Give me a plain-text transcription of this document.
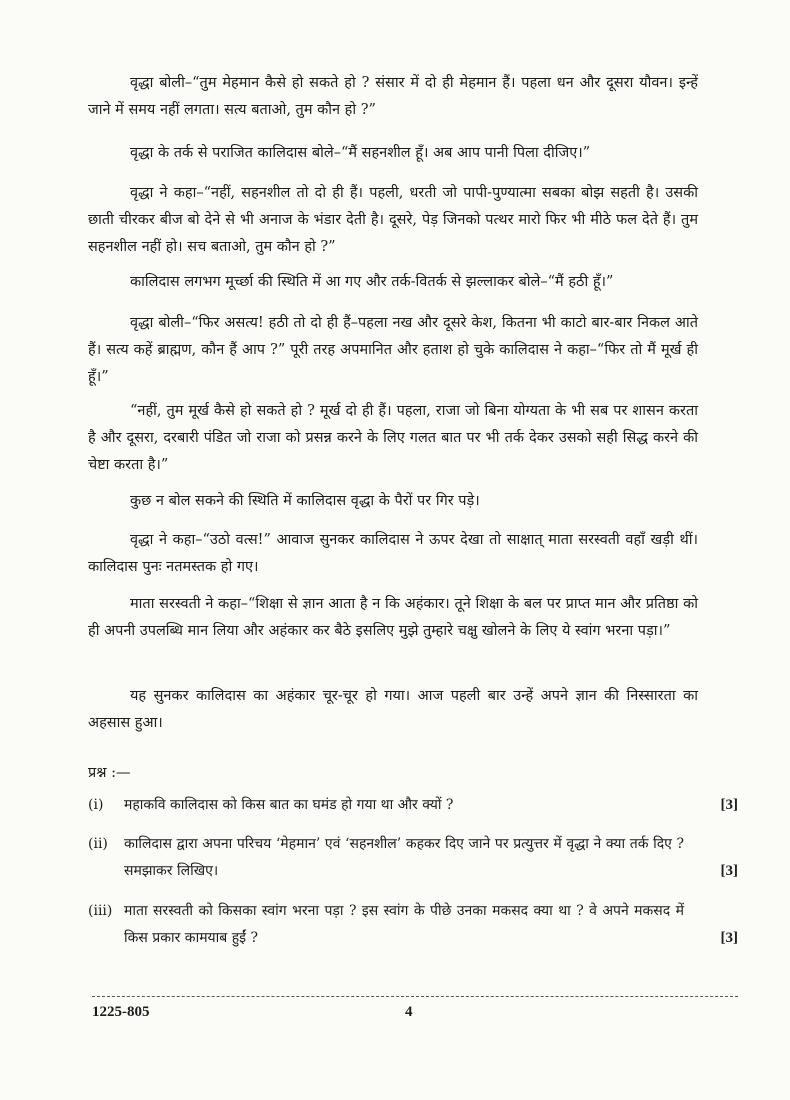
वृद्धा बोली–“तुम मेहमान कैसे हो सकते हो ? संसार में दो ही मेहमान हैं। पहला धन और दूसरा यौवन। इन्हें जाने में समय नहीं लगता। सत्य बताओ, तुम कौन हो ?”

वृद्धा के तर्क से पराजित कालिदास बोले–“मैं सहनशील हूँ। अब आप पानी पिला दीजिए।”

वृद्धा ने कहा–“नहीं, सहनशील तो दो ही हैं। पहली, धरती जो पापी-पुण्यात्मा सबका बोझ सहती है। उसकी छाती चीरकर बीज बो देने से भी अनाज के भंडार देती है। दूसरे, पेड़ जिनको पत्थर मारो फिर भी मीठे फल देते हैं। तुम सहनशील नहीं हो। सच बताओ, तुम कौन हो ?”

कालिदास लगभग मूर्च्छा की स्थिति में आ गए और तर्क-वितर्क से झल्लाकर बोले–“मैं हठी हूँ।”

वृद्धा बोली–“फिर असत्य! हठी तो दो ही हैं–पहला नख और दूसरे केश, कितना भी काटो बार-बार निकल आते हैं। सत्य कहें ब्राह्मण, कौन हैं आप ?” पूरी तरह अपमानित और हताश हो चुके कालिदास ने कहा–“फिर तो मैं मूर्ख ही हूँ।”

“नहीं, तुम मूर्ख कैसे हो सकते हो ? मूर्ख दो ही हैं। पहला, राजा जो बिना योग्यता के भी सब पर शासन करता है और दूसरा, दरबारी पंडित जो राजा को प्रसन्न करने के लिए गलत बात पर भी तर्क देकर उसको सही सिद्ध करने की चेष्टा करता है।”

कुछ न बोल सकने की स्थिति में कालिदास वृद्धा के पैरों पर गिर पड़े।

वृद्धा ने कहा–“उठो वत्स!” आवाज सुनकर कालिदास ने ऊपर देखा तो साक्षात् माता सरस्वती वहाँ खड़ी थीं। कालिदास पुनः नतमस्तक हो गए।

माता सरस्वती ने कहा–“शिक्षा से ज्ञान आता है न कि अहंकार। तूने शिक्षा के बल पर प्राप्त मान और प्रतिष्ठा को ही अपनी उपलब्धि मान लिया और अहंकार कर बैठे इसलिए मुझे तुम्हारे चक्षु खोलने के लिए ये स्वांग भरना पड़ा।”

यह सुनकर कालिदास का अहंकार चूर-चूर हो गया। आज पहली बार उन्हें अपने ज्ञान की निस्सारता का अहसास हुआ।

प्रश्न :—

(i)	महाकवि कालिदास को किस बात का घमंड हो गया था और क्यों ?	[3]
(ii)	कालिदास द्वारा अपना परिचय ‘मेहमान’ एवं ‘सहनशील’ कहकर दिए जाने पर प्रत्युत्तर में वृद्धा ने क्या तर्क दिए ? समझाकर लिखिए।	[3]
(iii) माता सरस्वती को किसका स्वांग भरना पड़ा ? इस स्वांग के पीछे उनका मकसद क्या था ? वे अपने मकसद में किस प्रकार कामयाब हुईं ?	[3]
1225-805	4
